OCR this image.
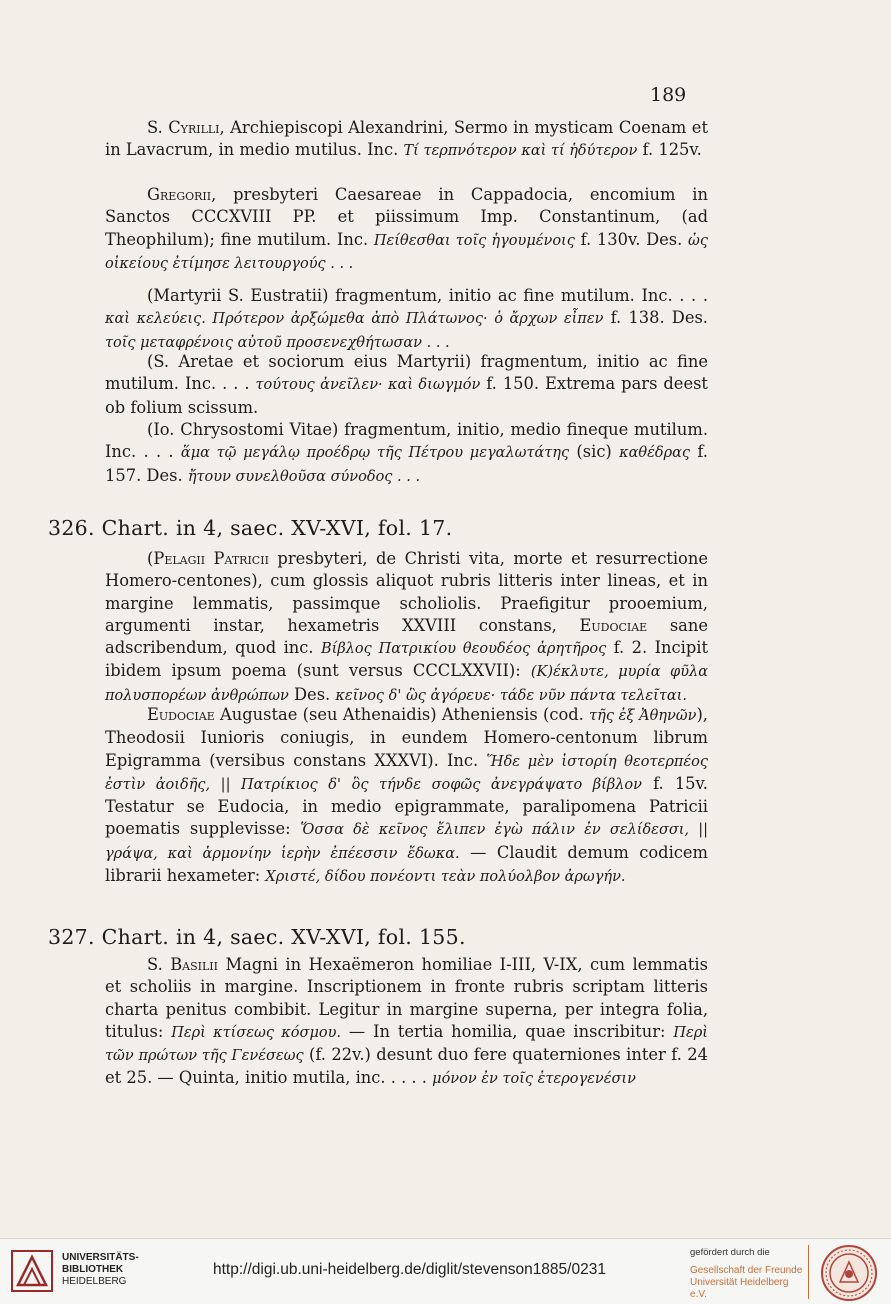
189
S. Cyrilli, Archiepiscopi Alexandrini, Sermo in mysticam Coenam et in Lavacrum, in medio mutilus. Inc. Τί τερπνότερον καὶ τί ἡδύτερον f. 125v.
Gregorii, presbyteri Caesareae in Cappadocia, encomium in Sanctos CCCXVIII PP. et piissimum Imp. Constantinum, (ad Theophilum); fine mutilum. Inc. Πείθεσθαι τοῖς ἡγουμένοις f. 130v. Des. ὡς οἰκείους ἐτίμησε λειτουργούς . . .
(Martyrii S. Eustratii) fragmentum, initio ac fine mutilum. Inc. . . . καὶ κελεύεις. Πρότερον ἀρξώμεθα ἀπὸ Πλάτωνος· ὁ ἄρχων εἶπεν f. 138. Des. τοῖς μεταφρένοις αὐτοῦ προσενεχθήτωσαν . . .
(S. Aretae et sociorum eius Martyrii) fragmentum, initio ac fine mutilum. Inc. . . . τούτους ἀνεῖλεν· καὶ διωγμόν f. 150. Extrema pars deest ob folium scissum.
(Io. Chrysostomi Vitae) fragmentum, initio, medio fineque mutilum. Inc. . . . ἅμα τῷ μεγάλῳ προέδρῳ τῆς Πέτρου μεγαλωτάτης (sic) καθέδρας f. 157. Des. ἤτουν συνελθοῦσα σύνοδος . . .
326. Chart. in 4, saec. XV-XVI, fol. 17.
(Pelagii Patricii presbyteri, de Christi vita, morte et resurrectione Homero-centones), cum glossis aliquot rubris litteris inter lineas, et in margine lemmatis, passimque scholiolis. Praefigitur prooemium, argumenti instar, hexametris XXVIII constans, Eudociae sane adscribendum, quod inc. Βίβλος Πατρικίου θεουδέος ἀρητῆρος f. 2. Incipit ibidem ipsum poema (sunt versus CCCLXXVII): (Κ)έκλυτε, μυρία φῦλα πολυσπορέων ἀνθρώπων Des. κεῖνος δ' ὣς ἀγόρευε· τάδε νῦν πάντα τελεῖται.
Eudociae Augustae (seu Athenaidis) Atheniensis (cod. τῆς ἐξ Ἀθηνῶν), Theodosii Iunioris coniugis, in eundem Homero-centonum librum Epigramma (versibus constans XXXVI). Inc. Ἥδε μὲν ἱστορίη θεοτερπέος ἐστὶν ἀοιδῆς, || Πατρίκιος δ' ὃς τήνδε σοφῶς ἀνεγράψατο βίβλον f. 15v. Testatur se Eudocia, in medio epigrammate, paralipomena Patricii poematis supplevisse: Ὅσσα δὲ κεῖνος ἔλιπεν ἐγὼ πάλιν ἐν σελίδεσσι, || γράψα, καὶ ἁρμονίην ἱερὴν ἐπέεσσιν ἔδωκα. — Claudit demum codicem librarii hexameter: Χριστέ, δίδου πονέοντι τεὰν πολύολβον ἀρωγήν.
327. Chart. in 4, saec. XV-XVI, fol. 155.
S. Basilii Magni in Hexaëmeron homiliae I-III, V-IX, cum lemmatis et scholiis in margine. Inscriptionem in fronte rubris scriptam litteris charta penitus combibit. Legitur in margine superna, per integra folia, titulus: Περὶ κτίσεως κόσμου. — In tertia homilia, quae inscribitur: Περὶ τῶν πρώτων τῆς Γενέσεως (f. 22v.) desunt duo fere quaterniones inter f. 24 et 25. — Quinta, initio mutila, inc. . . . . μόνον ἐν τοῖς ἑτερογενέσιν
UNIVERSITÄTS-
BIBLIOTHEK
HEIDELBERG
http://digi.ub.uni-heidelberg.de/diglit/stevenson1885/0231
gefördert durch die
Gesellschaft der Freunde
Universität Heidelberg e.V.
